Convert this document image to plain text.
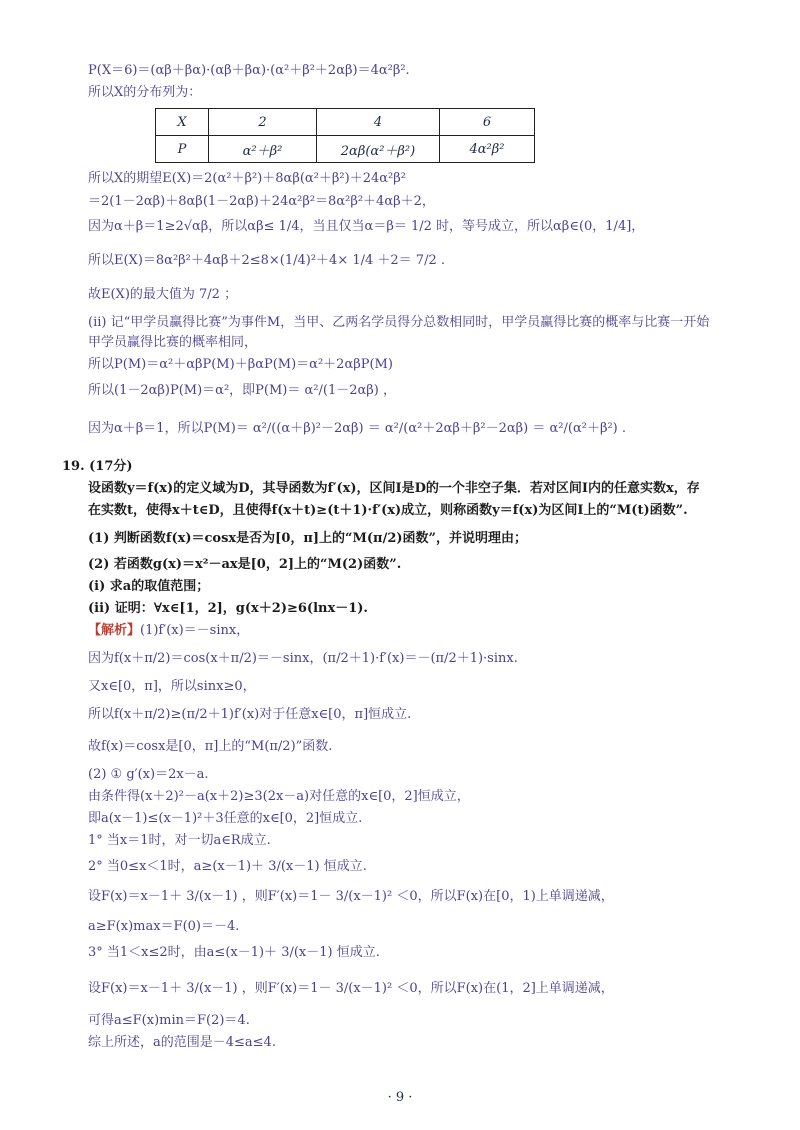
P(X＝6)＝(αβ＋βα)·(αβ＋βα)·(α²＋β²＋2αβ)＝4α²β².
所以X的分布列为：
X	2	4	6
P	α²＋β²	2αβ(α²＋β²)	4α²β²
所以X的期望E(X)＝2(α²＋β²)＋8αβ(α²＋β²)＋24α²β²
＝2(1－2αβ)＋8αβ(1－2αβ)＋24α²β²＝8α²β²＋4αβ＋2，
因为α＋β＝1≥2√αβ，所以αβ≤ 1/4，当且仅当α＝β＝ 1/2 时，等号成立，所以αβ∈(0，1/4]，
所以E(X)＝8α²β²＋4αβ＋2≤8×(1/4)²＋4× 1/4 ＋2＝ 7/2 .
故E(X)的最大值为 7/2 ；
(ii) 记“甲学员赢得比赛”为事件M，当甲、乙两名学员得分总数相同时，甲学员赢得比赛的概率与比赛一开始
甲学员赢得比赛的概率相同，
所以P(M)＝α²＋αβP(M)＋βαP(M)＝α²＋2αβP(M)
所以(1－2αβ)P(M)＝α²，即P(M)＝ α²/(1－2αβ) ，
因为α＋β＝1，所以P(M)＝ α²/((α＋β)²－2αβ) ＝ α²/(α²＋2αβ＋β²－2αβ) ＝ α²/(α²＋β²) .
19. (17分)
设函数y＝f(x)的定义域为D，其导函数为f′(x)，区间I是D的一个非空子集．若对区间I内的任意实数x，存
在实数t，使得x＋t∈D，且使得f(x＋t)≥(t＋1)·f′(x)成立，则称函数y＝f(x)为区间I上的“M(t)函数”.
(1) 判断函数f(x)＝cosx是否为[0，π]上的“M(π/2)函数”，并说明理由；
(2) 若函数g(x)＝x²－ax是[0，2]上的“M(2)函数”.
(i) 求a的取值范围；
(ii) 证明：∀x∈[1，2]，g(x＋2)≥6(lnx－1).
【解析】(1)f′(x)＝－sinx，
因为f(x＋π/2)＝cos(x＋π/2)＝－sinx，(π/2＋1)·f′(x)＝－(π/2＋1)·sinx.
又x∈[0，π]，所以sinx≥0，
所以f(x＋π/2)≥(π/2＋1)f′(x)对于任意x∈[0，π]恒成立.
故f(x)＝cosx是[0，π]上的“M(π/2)”函数.
(2) ① g′(x)＝2x－a.
由条件得(x＋2)²－a(x＋2)≥3(2x－a)对任意的x∈[0，2]恒成立，
即a(x－1)≤(x－1)²＋3任意的x∈[0，2]恒成立.
1° 当x＝1时，对一切a∈R成立.
2° 当0≤x＜1时，a≥(x－1)＋ 3/(x－1) 恒成立.
设F(x)＝x－1＋ 3/(x－1) ，则F′(x)＝1－ 3/(x－1)² ＜0，所以F(x)在[0，1)上单调递减，
a≥F(x)max＝F(0)＝－4.
3° 当1＜x≤2时，由a≤(x－1)＋ 3/(x－1) 恒成立.
设F(x)＝x－1＋ 3/(x－1) ，则F′(x)＝1－ 3/(x－1)² ＜0，所以F(x)在(1，2]上单调递减，
可得a≤F(x)min＝F(2)＝4.
综上所述，a的范围是－4≤a≤4.
· 9 ·
